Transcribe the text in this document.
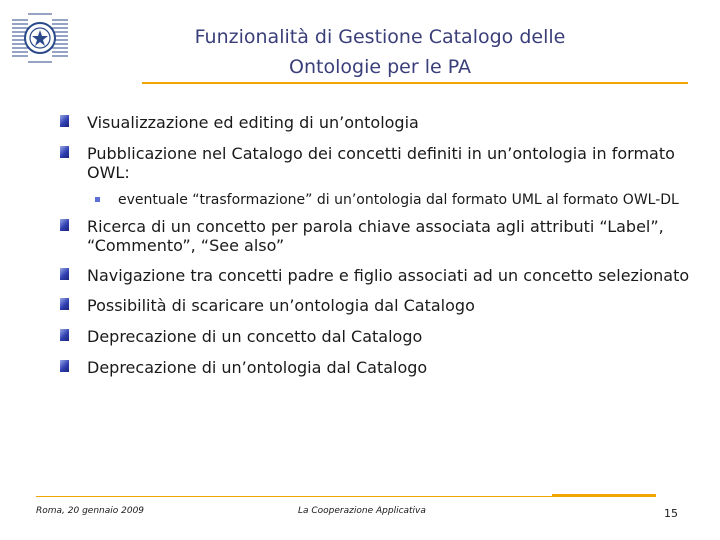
Funzionalità di Gestione Catalogo delle
Ontologie per le PA
Visualizzazione ed editing di un’ontologia
Pubblicazione nel Catalogo dei concetti definiti in un’ontologia in formato OWL:
eventuale “trasformazione” di un’ontologia dal formato UML al formato OWL-DL
Ricerca di un concetto per parola chiave associata agli attributi “Label”, “Commento”, “See also”
Navigazione tra concetti padre e figlio associati ad un concetto selezionato
Possibilità di scaricare un’ontologia dal Catalogo
Deprecazione di un concetto dal Catalogo
Deprecazione di un’ontologia dal Catalogo
Roma, 20 gennaio 2009	La Cooperazione Applicativa	15
